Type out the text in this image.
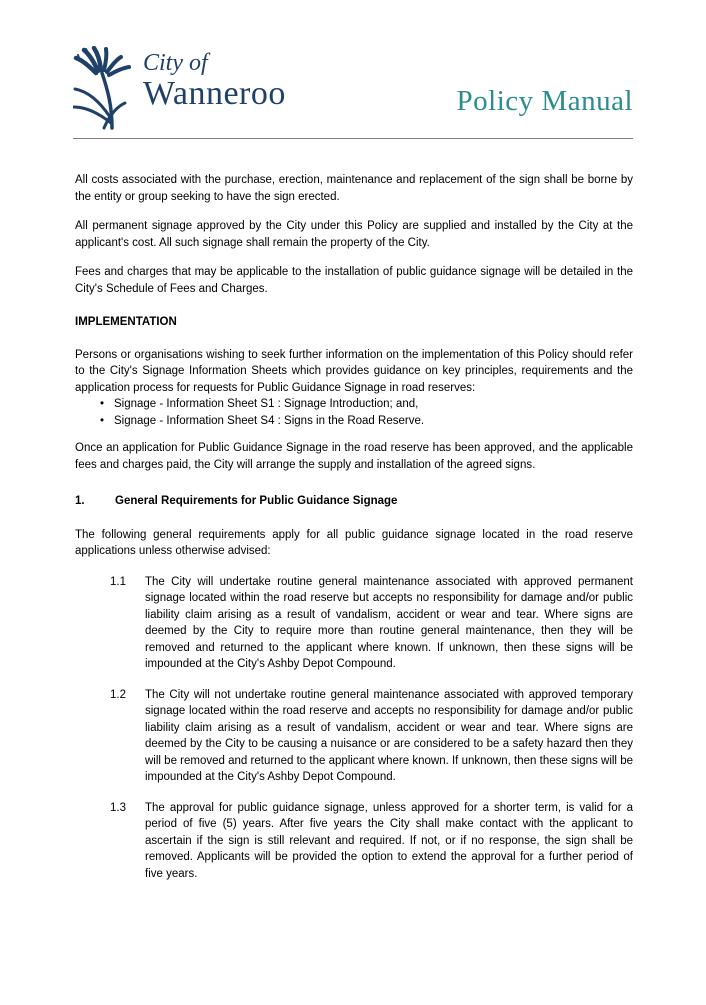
City of
Wanneroo	Policy Manual

All costs associated with the purchase, erection, maintenance and replacement of the sign shall be borne by the entity or group seeking to have the sign erected.

All permanent signage approved by the City under this Policy are supplied and installed by the City at the applicant's cost. All such signage shall remain the property of the City.

Fees and charges that may be applicable to the installation of public guidance signage will be detailed in the City's Schedule of Fees and Charges.

IMPLEMENTATION

Persons or organisations wishing to seek further information on the implementation of this Policy should refer to the City's Signage Information Sheets which provides guidance on key principles, requirements and the application process for requests for Public Guidance Signage in road reserves:

• Signage - Information Sheet S1 : Signage Introduction; and,
• Signage - Information Sheet S4 : Signs in the Road Reserve.

Once an application for Public Guidance Signage in the road reserve has been approved, and the applicable fees and charges paid, the City will arrange the supply and installation of the agreed signs.

1.	General Requirements for Public Guidance Signage

The following general requirements apply for all public guidance signage located in the road reserve applications unless otherwise advised:

1.1	The City will undertake routine general maintenance associated with approved permanent signage located within the road reserve but accepts no responsibility for damage and/or public liability claim arising as a result of vandalism, accident or wear and tear. Where signs are deemed by the City to require more than routine general maintenance, then they will be removed and returned to the applicant where known. If unknown, then these signs will be impounded at the City's Ashby Depot Compound.
1.2	The City will not undertake routine general maintenance associated with approved temporary signage located within the road reserve and accepts no responsibility for damage and/or public liability claim arising as a result of vandalism, accident or wear and tear. Where signs are deemed by the City to be causing a nuisance or are considered to be a safety hazard then they will be removed and returned to the applicant where known. If unknown, then these signs will be impounded at the City's Ashby Depot Compound.
1.3	The approval for public guidance signage, unless approved for a shorter term, is valid for a period of five (5) years. After five years the City shall make contact with the applicant to ascertain if the sign is still relevant and required. If not, or if no response, the sign shall be removed. Applicants will be provided the option to extend the approval for a further period of five years.
